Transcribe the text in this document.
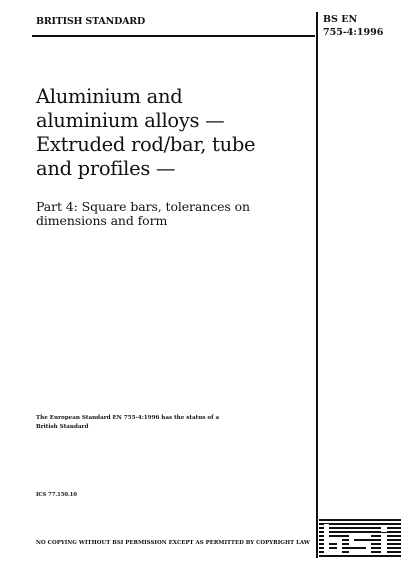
BRITISH STANDARD	BS EN
755-4:1996
Aluminium and
aluminium alloys —
Extruded rod/bar, tube
and profiles —
Part 4: Square bars, tolerances on
dimensions and form
The European Standard EN 755-4:1996 has the status of a
British Standard
ICS 77.150.10
NO COPYING WITHOUT BSI PERMISSION EXCEPT AS PERMITTED BY COPYRIGHT LAW
